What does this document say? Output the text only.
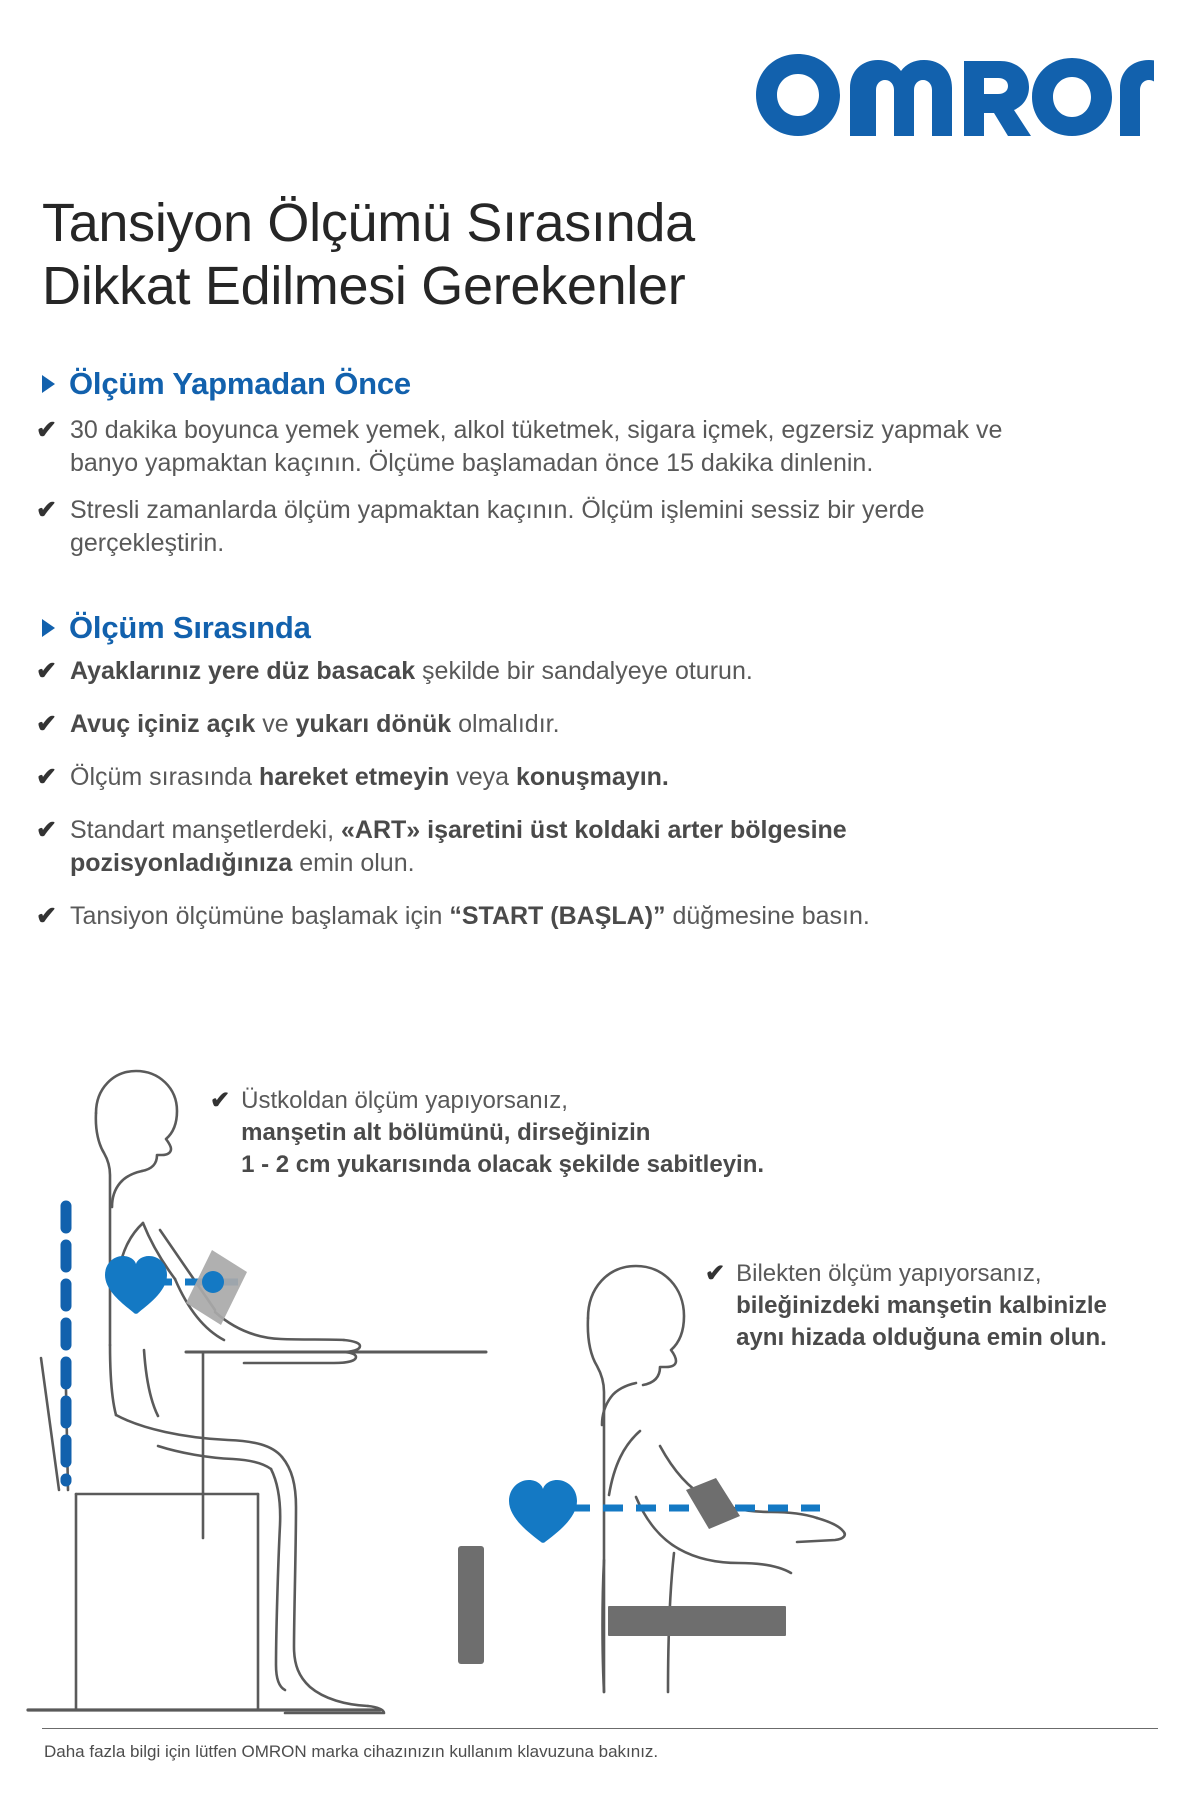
Tansiyon Ölçümü Sırasında
Dikkat Edilmesi Gerekenler
Ölçüm Yapmadan Önce
✔ 30 dakika boyunca yemek yemek, alkol tüketmek, sigara içmek, egzersiz yapmak ve banyo yapmaktan kaçının. Ölçüme başlamadan önce 15 dakika dinlenin.
✔ Stresli zamanlarda ölçüm yapmaktan kaçının. Ölçüm işlemini sessiz bir yerde gerçekleştirin.
Ölçüm Sırasında
✔ Ayaklarınız yere düz basacak şekilde bir sandalyeye oturun.
✔ Avuç içiniz açık ve yukarı dönük olmalıdır.
✔ Ölçüm sırasında hareket etmeyin veya konuşmayın.
✔ Standart manşetlerdeki, «ART» işaretini üst koldaki arter bölgesine pozisyonladığınıza emin olun.
✔ Tansiyon ölçümüne başlamak için “START (BAŞLA)” düğmesine basın.
✔ Üstkoldan ölçüm yapıyorsanız,
manşetin alt bölümünü, dirseğinizin
1 - 2 cm yukarısında olacak şekilde sabitleyin.
✔ Bilekten ölçüm yapıyorsanız,
bileğinizdeki manşetin kalbinizle
aynı hizada olduğuna emin olun.
Daha fazla bilgi için lütfen OMRON marka cihazınızın kullanım klavuzuna bakınız.
